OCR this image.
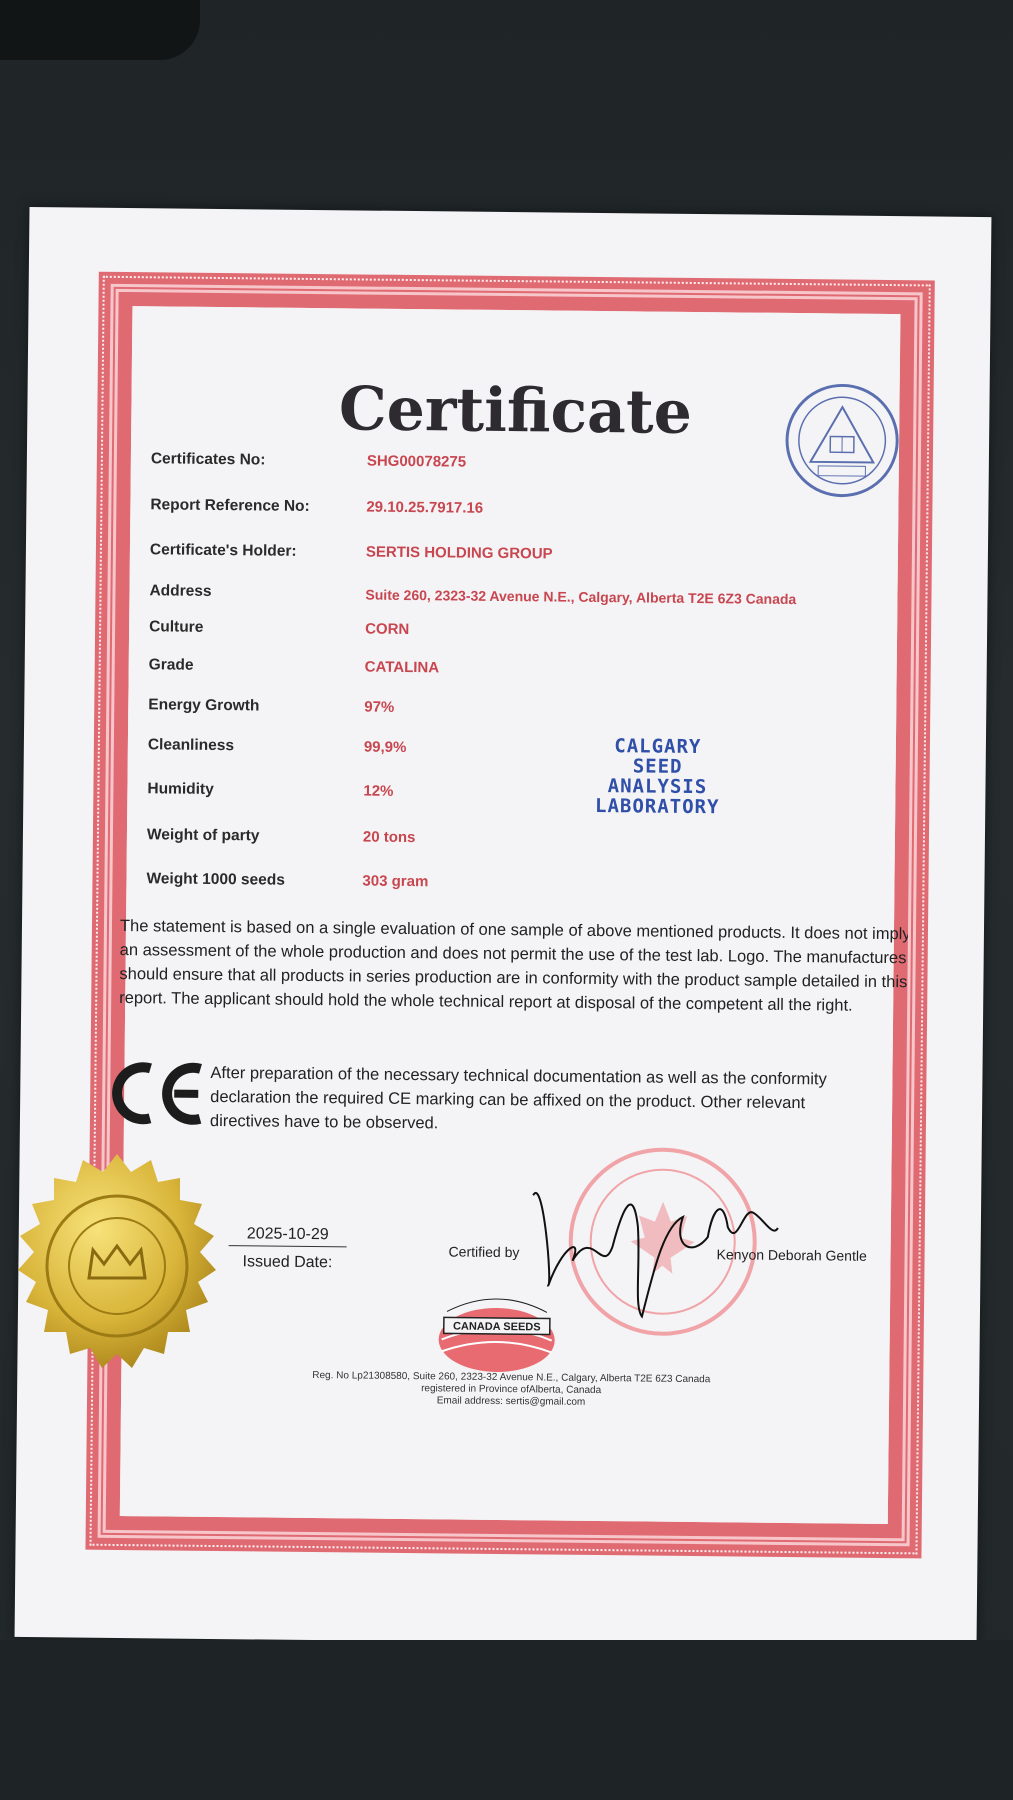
Certificate
Certificates No:	SHG00078275
Report Reference No:	29.10.25.7917.16
Certificate's Holder:	SERTIS HOLDING GROUP
Address	Suite 260, 2323-32 Avenue N.E., Calgary, Alberta T2E 6Z3 Canada
Culture	CORN
Grade	CATALINA
Energy Growth	97%
Cleanliness	99,9%
Humidity	12%
Weight of party	20 tons
Weight 1000 seeds	303 gram
CALGARY
SEED
ANALYSIS
LABORATORY
The statement is based on a single evaluation of one sample of above mentioned products. It does not imply an assessment of the whole production and does not permit the use of the test lab. Logo. The manufactures should ensure that all products in series production are in conformity with the product sample detailed in this report. The applicant should hold the whole technical report at disposal of the competent all the right.
After preparation of the necessary technical documentation as well as the conformity declaration the required CE marking can be affixed on the product. Other relevant directives have to be observed.
2025-10-29
Issued Date:
Certified by	Kenyon Deborah Gentle
CANADA SEEDS
Reg. No Lp21308580, Suite 260, 2323-32 Avenue N.E., Calgary, Alberta T2E 6Z3 Canada
registered in Province ofAlberta, Canada
Email address: sertis@gmail.com
